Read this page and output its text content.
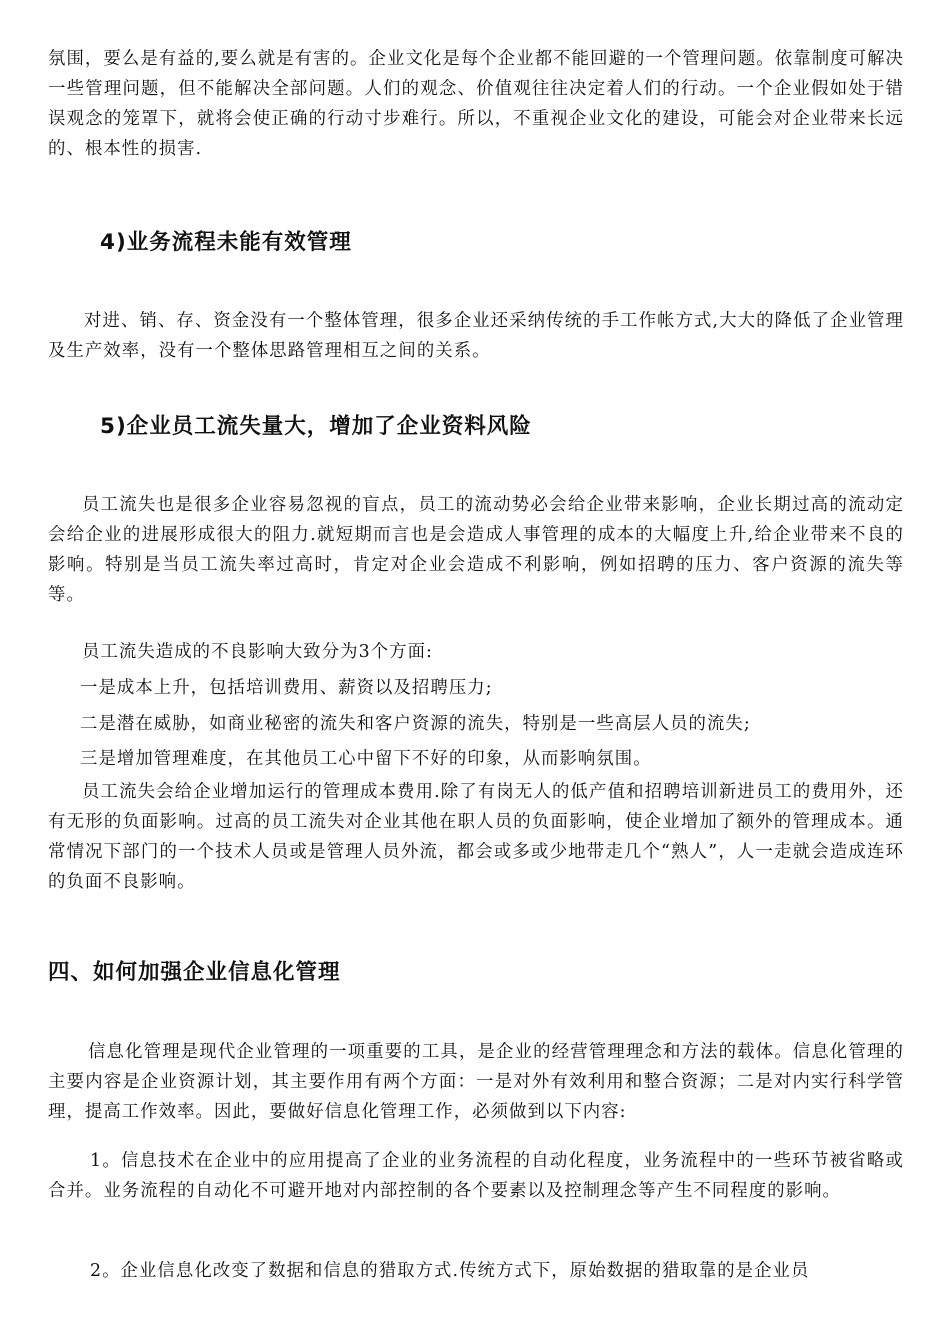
氛围，要么是有益的,要么就是有害的。企业文化是每个企业都不能回避的一个管理问题。依靠制度可解决一些管理问题，但不能解决全部问题。人们的观念、价值观往往决定着人们的行动。一个企业假如处于错误观念的笼罩下，就将会使正确的行动寸步难行。所以，不重视企业文化的建设，可能会对企业带来长远的、根本性的损害.

4)业务流程未能有效管理

对进、销、存、资金没有一个整体管理，很多企业还采纳传统的手工作帐方式,大大的降低了企业管理及生产效率，没有一个整体思路管理相互之间的关系。

5)企业员工流失量大，增加了企业资料风险

员工流失也是很多企业容易忽视的盲点，员工的流动势必会给企业带来影响，企业长期过高的流动定会给企业的进展形成很大的阻力.就短期而言也是会造成人事管理的成本的大幅度上升,给企业带来不良的影响。特别是当员工流失率过高时，肯定对企业会造成不利影响，例如招聘的压力、客户资源的流失等等。

员工流失造成的不良影响大致分为3个方面:

一是成本上升，包括培训费用、薪资以及招聘压力;

二是潜在威胁，如商业秘密的流失和客户资源的流失，特别是一些高层人员的流失;

三是增加管理难度，在其他员工心中留下不好的印象，从而影响氛围。

员工流失会给企业增加运行的管理成本费用.除了有岗无人的低产值和招聘培训新进员工的费用外，还有无形的负面影响。过高的员工流失对企业其他在职人员的负面影响，使企业增加了额外的管理成本。通常情况下部门的一个技术人员或是管理人员外流，都会或多或少地带走几个“熟人”，人一走就会造成连环的负面不良影响。

四、如何加强企业信息化管理

信息化管理是现代企业管理的一项重要的工具，是企业的经营管理理念和方法的载体。信息化管理的主要内容是企业资源计划，其主要作用有两个方面：一是对外有效利用和整合资源；二是对内实行科学管理，提高工作效率。因此，要做好信息化管理工作，必须做到以下内容:

1。信息技术在企业中的应用提高了企业的业务流程的自动化程度，业务流程中的一些环节被省略或合并。业务流程的自动化不可避开地对内部控制的各个要素以及控制理念等产生不同程度的影响。

2。企业信息化改变了数据和信息的猎取方式.传统方式下，原始数据的猎取靠的是企业员
